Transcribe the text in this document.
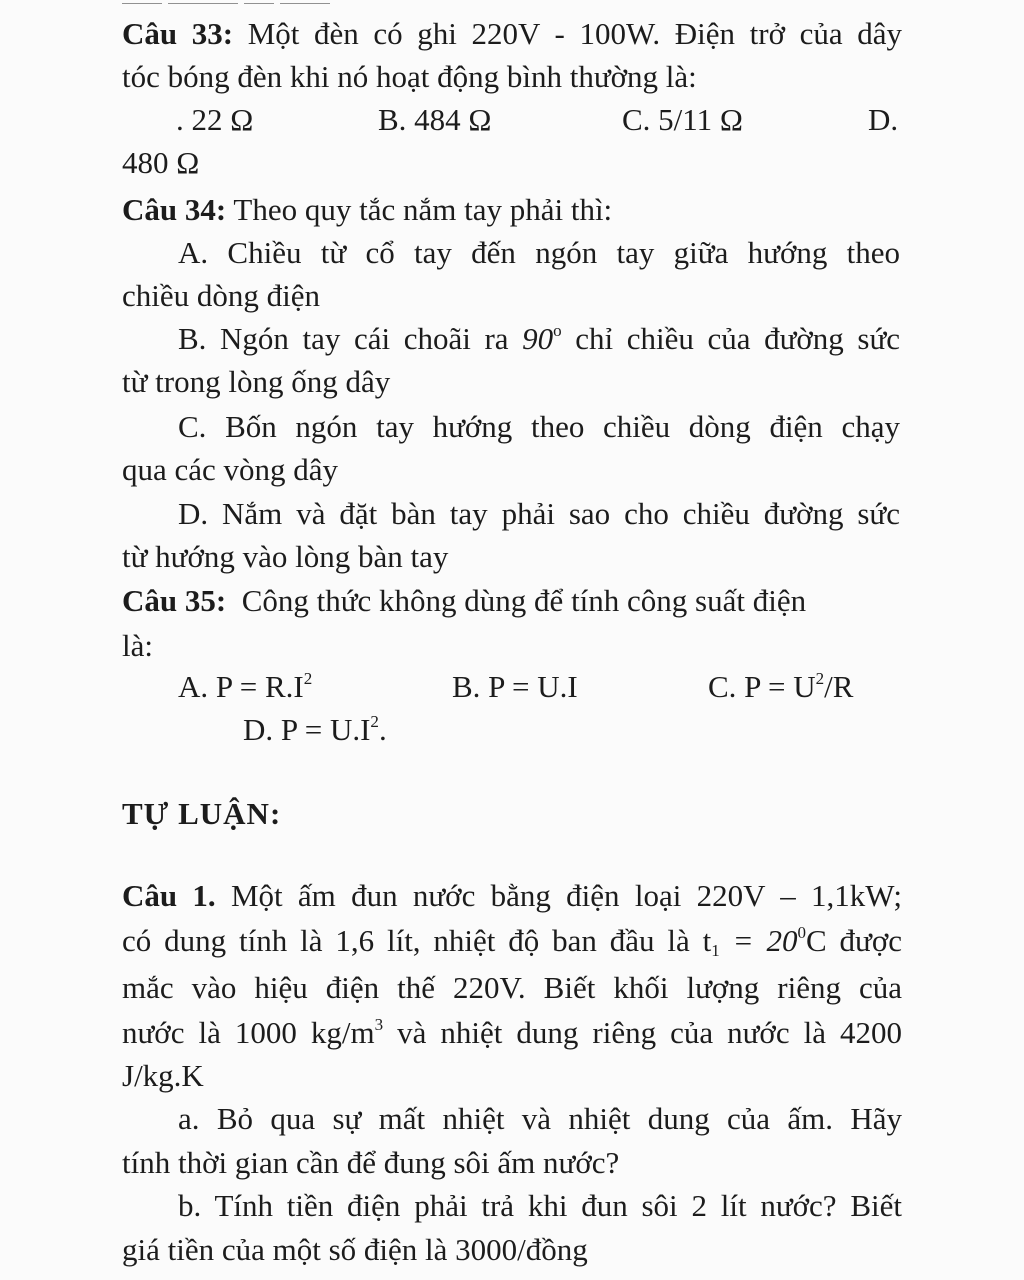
Câu 33: Một đèn có ghi 220V - 100W. Điện trở của dây
tóc bóng đèn khi nó hoạt động bình thường là:
. 22 Ω	B. 484 Ω	C. 5/11 Ω	D.
480 Ω
Câu 34: Theo quy tắc nắm tay phải thì:
A. Chiều từ cổ tay đến ngón tay giữa hướng theo
chiều dòng điện
B. Ngón tay cái choãi ra 90$^o$ chỉ chiều của đường sức
từ trong lòng ống dây
C. Bốn ngón tay hướng theo chiều dòng điện chạy
qua các vòng dây
D. Nắm và đặt bàn tay phải sao cho chiều đường sức
từ hướng vào lòng bàn tay
Câu 35:  Công thức không dùng để tính công suất điện
là:
A. $P = R.I^2$	B. P = U.I	C. $P = U^2/R$
D. $P = U.I^2$.
TỰ LUẬN:
Câu 1. Một ấm đun nước bằng điện loại 220V – 1,1kW;
có dung tính là 1,6 lít, nhiệt độ ban đầu là $t_1 = 20^0C$ được
mắc vào hiệu điện thế 220V. Biết khối lượng riêng của
nước là 1000 $kg/m^3$ và nhiệt dung riêng của nước là 4200
J/kg.K
a. Bỏ qua sự mất nhiệt và nhiệt dung của ấm. Hãy
tính thời gian cần để đung sôi ấm nước?
b. Tính tiền điện phải trả khi đun sôi 2 lít nước? Biết
giá tiền của một số điện là 3000/đồng
